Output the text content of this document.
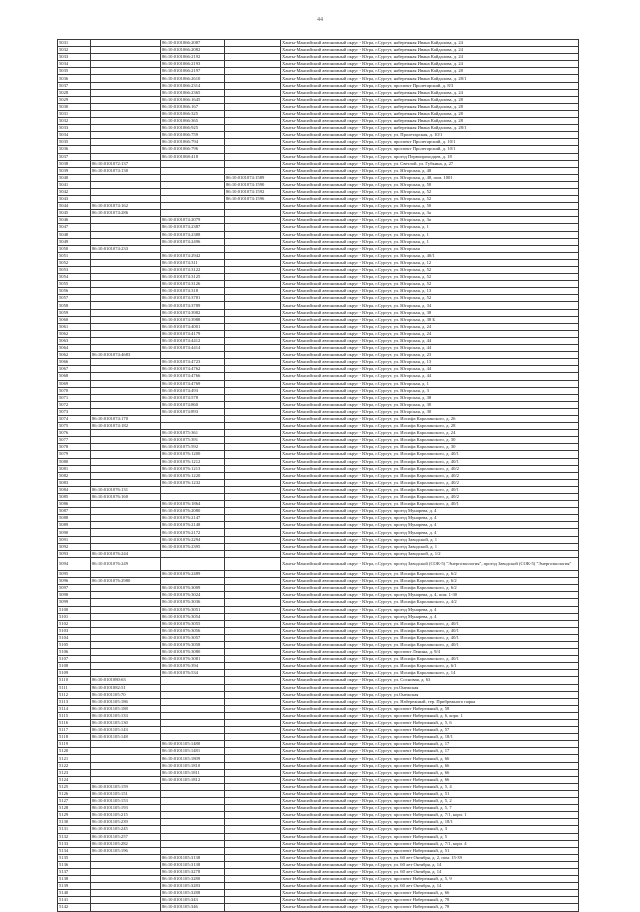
44
5031		86:10:0101066:2087		Ханты-Мансийский автономный округ - Югра, г.Сургут, набережная Ивана Кайдалова, д. 24
5032		86:10:0101066:2082		Ханты-Мансийский автономный округ - Югра, г.Сургут, набережная Ивана Кайдалова, д. 24
5033		86:10:0101066:2192		Ханты-Мансийский автономный округ - Югра, г.Сургут, набережная Ивана Кайдалова, д. 24
5034		86:10:0101066:2193		Ханты-Мансийский автономный округ - Югра, г.Сургут, набережная Ивана Кайдалова, д. 24
5035		86:10:0101066:2197		Ханты-Мансийский автономный округ - Югра, г.Сургут, набережная Ивана Кайдалова, д. 28
5036		86:10:0101066:2610		Ханты-Мансийский автономный округ - Югра, г.Сургут, набережная Ивана Кайдалова, д. 28/1
5037		86:10:0101066:2314		Ханты-Мансийский автономный округ - Югра, г.Сургут, проспект Пролетарский, д. 8/3
5028		86:10:0101066:2365		Ханты-Мансийский автономный округ - Югра, г.Сургут, набережная Ивана Кайдалова, д. 24
5029		86:10:0101066:1645		Ханты-Мансийский автономный округ - Югра, г.Сургут, набережная Ивана Кайдалова, д. 28
5030		86:10:0101066:167		Ханты-Мансийский автономный округ - Югра, г.Сургут, набережная Ивана Кайдалова, д. 28
5031		86:10:0101066:325		Ханты-Мансийский автономный округ - Югра, г.Сургут, набережная Ивана Кайдалова, д. 28
5032		86:10:0101066:365		Ханты-Мансийский автономный округ - Югра, г.Сургут, набережная Ивана Кайдалова, д. 28
5033		86:10:0101066:925		Ханты-Мансийский автономный округ - Югра, г.Сургут, набережная Ивана Кайдалова, д. 28/1
5034		86:10:0101066:759		Ханты-Мансийский автономный округ - Югра, г.Сургут, ул. Пролетарская, д. 10/1
5035		86:10:0101066:794		Ханты-Мансийский автономный округ - Югра, г.Сургут, проспект Пролетарский, д. 10/1
5036		86:10:0101066:796		Ханты-Мансийский автономный округ - Югра, г.Сургут, проспект Пролетарский, д. 10/1
5037		86:10:0101068:418		Ханты-Мансийский автономный округ - Югра, г.Сургут, проезд Первопроходцев, д. 18
5038	86:10:0101072:137			Ханты-Мансийский автономный округ - Югра, г.Сургут, ул. Светлой, ул. Губкина, д. 27
5039	86:10:0101074:130			Ханты-Мансийский автономный округ - Югра, г.Сургут, ул. Югорская, д. 48
5040			86:10:0101074:1589	Ханты-Мансийский автономный округ - Югра, г.Сургут, ул. Югорская, д. 48, пом. 1001
5041			86:10:0101074:1590	Ханты-Мансийский автономный округ - Югра, г.Сургут, ул. Югорская, д. 50
5042			86:10:0101074:1592	Ханты-Мансийский автономный округ - Югра, г.Сургут, ул. Югорская, д. 52
5043			86:10:0101074:1596	Ханты-Мансийский автономный округ - Югра, г.Сургут, ул. Югорская, д. 52
5044	86:10:0101074:162			Ханты-Мансийский автономный округ - Югра, г.Сургут, ул. Югорская, д. 50
5045	86:10:0101074:286			Ханты-Мансийский автономный округ - Югра, г.Сургут, ул. Югорская, д. 3а
5046		86:10:0101074:2079		Ханты-Мансийский автономный округ - Югра, г.Сургут, ул. Югорская, д. 3а
5047		86:10:0101074:2387		Ханты-Мансийский автономный округ - Югра, г.Сургут, ул. Югорская, д. 1
5048		86:10:0101074:2388		Ханты-Мансийский автономный округ - Югра, г.Сургут, ул. Югорская, д. 1
5049		86:10:0101074:2496		Ханты-Мансийский автономный округ - Югра, г.Сургут, ул. Югорская, д. 1
5050	86:10:0101074:233			Ханты-Мансийский автономный округ - Югра, г.Сургут, ул. Югорская
5051		86:10:0101074:2942		Ханты-Мансийский автономный округ - Югра, г.Сургут, ул. Югорская, д. 40/1
5052		86:10:0101074:311		Ханты-Мансийский автономный округ - Югра, г.Сургут, ул. Югорская, д. 12
5053		86:10:0101074:3122		Ханты-Мансийский автономный округ - Югра, г.Сургут, ул. Югорская, д. 52
5054		86:10:0101074:3125		Ханты-Мансийский автономный округ - Югра, г.Сургут, ул. Югорская, д. 52
5055		86:10:0101074:3126		Ханты-Мансийский автономный округ - Югра, г.Сургут, ул. Югорская, д. 52
5056		86:10:0101074:318		Ханты-Мансийский автономный округ - Югра, г.Сургут, ул. Югорская, д. 13
5057		86:10:0101074:3781		Ханты-Мансийский автономный округ - Югра, г.Сургут, ул. Югорская, д. 52
5058		86:10:0101074:3789		Ханты-Мансийский автономный округ - Югра, г.Сургут, ул. Югорская, д. 34
5059		86:10:0101074:3982		Ханты-Мансийский автономный округ - Югра, г.Сургут, ул. Югорская, д. 38
5060		86:10:0101074:3988		Ханты-Мансийский автономный округ - Югра, г.Сургут, ул. Югорская, д. 38 Б
5061		86:10:0101074:4001		Ханты-Мансийский автономный округ - Югра, г.Сургут, ул. Югорская, д. 24
5062		86:10:0101074:4179		Ханты-Мансийский автономный округ - Югра, г.Сургут, ул. Югорская, д. 24
5063		86:10:0101074:4412		Ханты-Мансийский автономный округ - Югра, г.Сургут, ул. Югорская, д. 44
5064		86:10:0101074:4414		Ханты-Мансийский автономный округ - Югра, г.Сургут, ул. Югорская, д. 44
5062	86:10:0101074:4683			Ханты-Мансийский автономный округ - Югра, г.Сургут, ул. Югорская, д. 23
5066		86:10:0101074:4723		Ханты-Мансийский автономный округ - Югра, г.Сургут, ул. Югорская, д. 13
5067		86:10:0101074:4762		Ханты-Мансийский автономный округ - Югра, г.Сургут, ул. Югорская, д. 44
5068		86:10:0101074:4766		Ханты-Мансийский автономный округ - Югра, г.Сургут, ул. Югорская, д. 44
5069		86:10:0101074:4769		Ханты-Мансийский автономный округ - Югра, г.Сургут, ул. Югорская, д. 1
5070		86:10:0101074:493		Ханты-Мансийский автономный округ - Югра, г.Сургут, ул. Югорская, д. 3
5071		86:10:0101074:578		Ханты-Мансийский автономный округ - Югра, г.Сургут, ул. Югорская, д. 38
5072		86:10:0101074:860		Ханты-Мансийский автономный округ - Югра, г.Сургут, ул. Югорская, д. 30
5073		86:10:0101074:893		Ханты-Мансийский автономный округ - Югра, г.Сургут, ул. Югорская, д. 30
5074	86:10:0101074:170			Ханты-Мансийский автономный округ - Югра, г.Сургут, ул. Иосифа Каролинского, д. 26
5075	86:10:0101074:182			Ханты-Мансийский автономный округ - Югра, г.Сургут, ул. Иосифа Каролинского, д. 28
5076		86:10:0101075:361		Ханты-Мансийский автономный округ - Югра, г.Сургут, ул. Иосифа Каролинского, д. 24
5077		86:10:0101075:391		Ханты-Мансийский автономный округ - Югра, г.Сургут, ул. Иосифа Каролинского, д. 30
5078		86:10:0101075:592		Ханты-Мансийский автономный округ - Югра, г.Сургут, ул. Иосифа Каролинского, д. 30
5079		86:10:0101076:1200		Ханты-Мансийский автономный округ - Югра, г.Сургут, ул. Иосифа Каролинского, д. 40/1
5080		86:10:0101076:1212		Ханты-Мансийский автономный округ - Югра, г.Сургут, ул. Иосифа Каролинского, д. 40/1
5081		86:10:0101076:1213		Ханты-Мансийский автономный округ - Югра, г.Сургут, ул. Иосифа Каролинского, д. 40/2
5082		86:10:0101076:1220		Ханты-Мансийский автономный округ - Югра, г.Сургут, ул. Иосифа Каролинского, д. 40/2
5083		86:10:0101076:1232		Ханты-Мансийский автономный округ - Югра, г.Сургут, ул. Иосифа Каролинского, д. 40/2
5084	86:10:0101076:131			Ханты-Мансийский автономный округ - Югра, г.Сургут, ул. Иосифа Каролинского, д. 40/1
5085	86:10:0101076:160			Ханты-Мансийский автономный округ - Югра, г.Сургут, ул. Иосифа Каролинского, д. 40/2
5086		86:10:0101076:1864		Ханты-Мансийский автономный округ - Югра, г.Сургут, ул. Иосифа Каролинского, д. 40/1
5087		86:10:0101076:2080		Ханты-Мансийский автономный округ - Югра, г.Сургут, проезд Мунарева, д. 4
5088		86:10:0101076:2147		Ханты-Мансийский автономный округ - Югра, г.Сургут, проезд Мунарева, д. 4
5089		86:10:0101076:2148		Ханты-Мансийский автономный округ - Югра, г.Сургут, проезд Мунарева, д. 4
5090		86:10:0101076:2172		Ханты-Мансийский автономный округ - Югра, г.Сургут, проезд Мунарева, д. 4
5091		86:10:0101076:2294		Ханты-Мансийский автономный округ - Югра, г.Сургут, проезд Заводской, д. 1
5092		86:10:0101076:2395		Ханты-Мансийский автономный округ - Югра, г.Сургут, проезд Заводской, д. 1
5093	86:10:0101076:244			Ханты-Мансийский автономный округ - Югра, г.Сургут, проезд Заводской, д. 1/2
5094	86:10:0101076:249			Ханты-Мансийский автономный округ - Югра, г.Сургут, проезд Заводской (СОК-5) "Энергоэкология", проезд Заводской (СОК-5) "Энергоэкология"
5095		86:10:0101076:2489		Ханты-Мансийский автономный округ - Югра, г.Сургут, ул. Иосифа Каролинского, д. 6/2
5096	86:10:0101076:2980			Ханты-Мансийский автономный округ - Югра, г.Сургут, ул. Иосифа Каролинского, д. 6/2
5097		86:10:0101076:3009		Ханты-Мансийский автономный округ - Югра, г.Сургут, ул. Иосифа Каролинского, д. 6/2
5098		86:10:0101076:3024		Ханты-Мансийский автономный округ - Югра, г.Сургут, проезд Мунарева, д. 4, пом. 1-30
5099		86:10:0101076:3036		Ханты-Мансийский автономный округ - Югра, г.Сургут, ул. Иосифа Каролинского, д. 4/2
5100		86:10:0101076:3051		Ханты-Мансийский автономный округ - Югра, г.Сургут, проезд Мунарева, д. 4
5101		86:10:0101076:3054		Ханты-Мансийский автономный округ - Югра, г.Сургут, проезд Мунарева, д. 4
5102		86:10:0101076:3055		Ханты-Мансийский автономный округ - Югра, г.Сургут, ул. Иосифа Каролинского, д. 40/1
5103		86:10:0101076:3056		Ханты-Мансийский автономный округ - Югра, г.Сургут, ул. Иосифа Каролинского, д. 40/1
5104		86:10:0101076:3057		Ханты-Мансийский автономный округ - Югра, г.Сургут, ул. Иосифа Каролинского, д. 40/1
5105		86:10:0101076:3058		Ханты-Мансийский автономный округ - Югра, г.Сургут, ул. Иосифа Каролинского, д. 40/1
5106		86:10:0101076:3080		Ханты-Мансийский автономный округ - Югра, г.Сургут, проспект Ленина, д. 9/4
5107		86:10:0101076:3081		Ханты-Мансийский автономный округ - Югра, г.Сургут, ул. Иосифа Каролинского, д. 40/1
5108		86:10:0101076:394		Ханты-Мансийский автономный округ - Югра, г.Сургут, ул. Иосифа Каролинского, д. 6/1
5109		86:10:0101076:534		Ханты-Мансийский автономный округ - Югра, г.Сургут, ул. Иосифа Каролинского, д. 14
5110	86:10:0101080:63			Ханты-Мансийский автономный округ - Югра, г.Сургут, ул. Сосновая, д. 63
5111	86:10:0101082:51			Ханты-Мансийский автономный округ - Югра, г.Сургут, ул.Онежская
5112	86:10:0101105:70			Ханты-Мансийский автономный округ - Югра, г.Сургут, ул.Онежская
5113	86:10:0101105:186			Ханты-Мансийский автономный округ - Югра, г.Сургут, ул. Набережный, тер. Прибрежного парка
5114	86:10:0101105:188			Ханты-Мансийский автономный округ - Югра, г.Сургут, проспект Набережный, д. 58
5115	86:10:0101105:133			Ханты-Мансийский автономный округ - Югра, г.Сургут, проспект Набережный, д. 6, корп. 1
5116	86:10:0101105:130			Ханты-Мансийский автономный округ - Югра, г.Сургут, проспект Набережный, д. 5, 6
5117	86:10:0101105:143			Ханты-Мансийский автономный округ - Югра, г.Сургут, проспект Набережный, д. 57
5118	86:10:0101105:148			Ханты-Мансийский автономный округ - Югра, г.Сургут, проспект Набережный, д. 18/1
5119		86:10:0101105:1480		Ханты-Мансийский автономный округ - Югра, г.Сургут, проспект Набережный, д. 17
5120		86:10:0101105:1481		Ханты-Мансийский автономный округ - Югра, г.Сургут, проспект Набережный, д. 17
5121		86:10:0101105:1809		Ханты-Мансийский автономный округ - Югра, г.Сургут, проспект Набережный, д. 66
5122		86:10:0101105:1810		Ханты-Мансийский автономный округ - Югра, г.Сургут, проспект Набережный, д. 66
5123		86:10:0101105:1811		Ханты-Мансийский автономный округ - Югра, г.Сургут, проспект Набережный, д. 66
5124		86:10:0101105:1812		Ханты-Мансийский автономный округ - Югра, г.Сургут, проспект Набережный, д. 66
5125	86:10:0101105:159			Ханты-Мансийский автономный округ - Югра, г.Сургут, проспект Набережный, д. 5, 4
5126	86:10:0101105:151			Ханты-Мансийский автономный округ - Югра, г.Сургут, проспект Набережный, д. 51
5127	86:10:0101105:153			Ханты-Мансийский автономный округ - Югра, г.Сургут, проспект Набережный, д. 5, 2
5128	86:10:0101105:193			Ханты-Мансийский автономный округ - Югра, г.Сургут, проспект Набережный, д. 5, 7
5129	86:10:0101105:215			Ханты-Мансийский автономный округ - Югра, г.Сургут, проспект Набережный, д. 7/1, корп. 1
5130	86:10:0101105:239			Ханты-Мансийский автономный округ - Югра, г.Сургут, проспект Набережный, д. 18/1
5131	86:10:0101105:245			Ханты-Мансийский автономный округ - Югра, г.Сургут, проспект Набережный, д. 3
5132	86:10:0101105:257			Ханты-Мансийский автономный округ - Югра, г.Сургут, проспект Набережный, д. 5
5133	86:10:0101105:282			Ханты-Мансийский автономный округ - Югра, г.Сургут, проспект Набережный, д. 7/1, корп. 4
5134	86:10:0101105:196			Ханты-Мансийский автономный округ - Югра, г.Сургут, проспект Набережный, д. 51
5135		86:10:0101105:3138		Ханты-Мансийский автономный округ - Югра, г.Сургут, ул. 60 лет Октября, д. 2, пом. 15-39
5136		86:10:0101105:3138		Ханты-Мансийский автономный округ - Югра, г.Сургут, ул. 60 лет Октября, д. 14
5137		86:10:0101105:3278		Ханты-Мансийский автономный округ - Югра, г.Сургут, ул. 60 лет Октября, д. 14
5138		86:10:0101105:3280		Ханты-Мансийский автономный округ - Югра, г.Сургут, проспект Набережный, д. 5, 9
5139		86:10:0101105:3283		Ханты-Мансийский автономный округ - Югра, г.Сургут, ул. 60 лет Октября, д. 14
5140		86:10:0101105:3288		Ханты-Мансийский автономный округ - Югра, г.Сургут, проспект Набережный, д. 66
5141		86:10:0101105:343		Ханты-Мансийский автономный округ - Югра, г.Сургут, проспект Набережный, д. 78
5142		86:10:0101105:346		Ханты-Мансийский автономный округ - Югра, г.Сургут, проспект Набережный, д. 78
